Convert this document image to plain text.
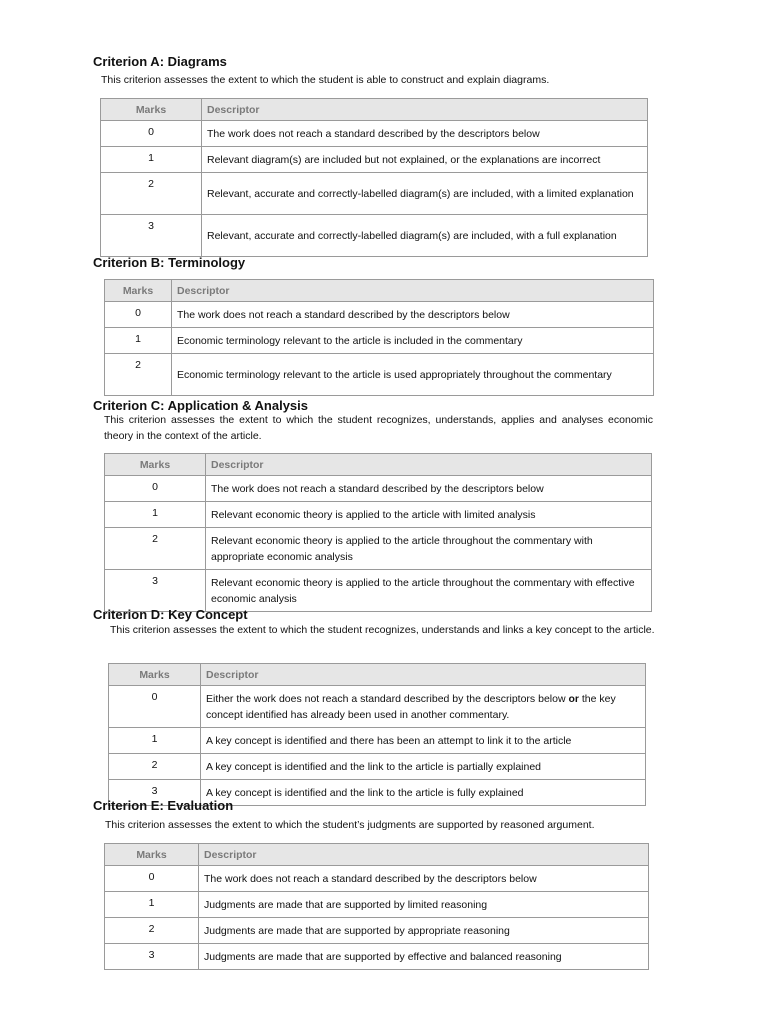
Criterion A: Diagrams

This criterion assesses the extent to which the student is able to construct and explain diagrams.

Marks	Descriptor
0	The work does not reach a standard described by the descriptors below
1	Relevant diagram(s) are included but not explained, or the explanations are incorrect
2	Relevant, accurate and correctly-labelled diagram(s) are included, with a limited explanation
3	Relevant, accurate and correctly-labelled diagram(s) are included, with a full explanation
Criterion B: Terminology
Marks	Descriptor
0	The work does not reach a standard described by the descriptors below
1	Economic terminology relevant to the article is included in the commentary
2	Economic terminology relevant to the article is used appropriately throughout the commentary
Criterion C: Application & Analysis

This criterion assesses the extent to which the student recognizes, understands, applies and analyses economic theory in the context of the article.

Marks	Descriptor
0	The work does not reach a standard described by the descriptors below
1	Relevant economic theory is applied to the article with limited analysis
2	Relevant economic theory is applied to the article throughout the commentary with appropriate economic analysis
3	Relevant economic theory is applied to the article throughout the commentary with effective economic analysis
Criterion D: Key Concept

This criterion assesses the extent to which the student recognizes, understands and links a key concept to the article.

Marks	Descriptor
0	Either the work does not reach a standard described by the descriptors below or the key concept identified has already been used in another commentary.
1	A key concept is identified and there has been an attempt to link it to the article
2	A key concept is identified and the link to the article is partially explained
3	A key concept is identified and the link to the article is fully explained
Criterion E: Evaluation

This criterion assesses the extent to which the student’s judgments are supported by reasoned argument.

Marks	Descriptor
0	The work does not reach a standard described by the descriptors below
1	Judgments are made that are supported by limited reasoning
2	Judgments are made that are supported by appropriate reasoning
3	Judgments are made that are supported by effective and balanced reasoning
